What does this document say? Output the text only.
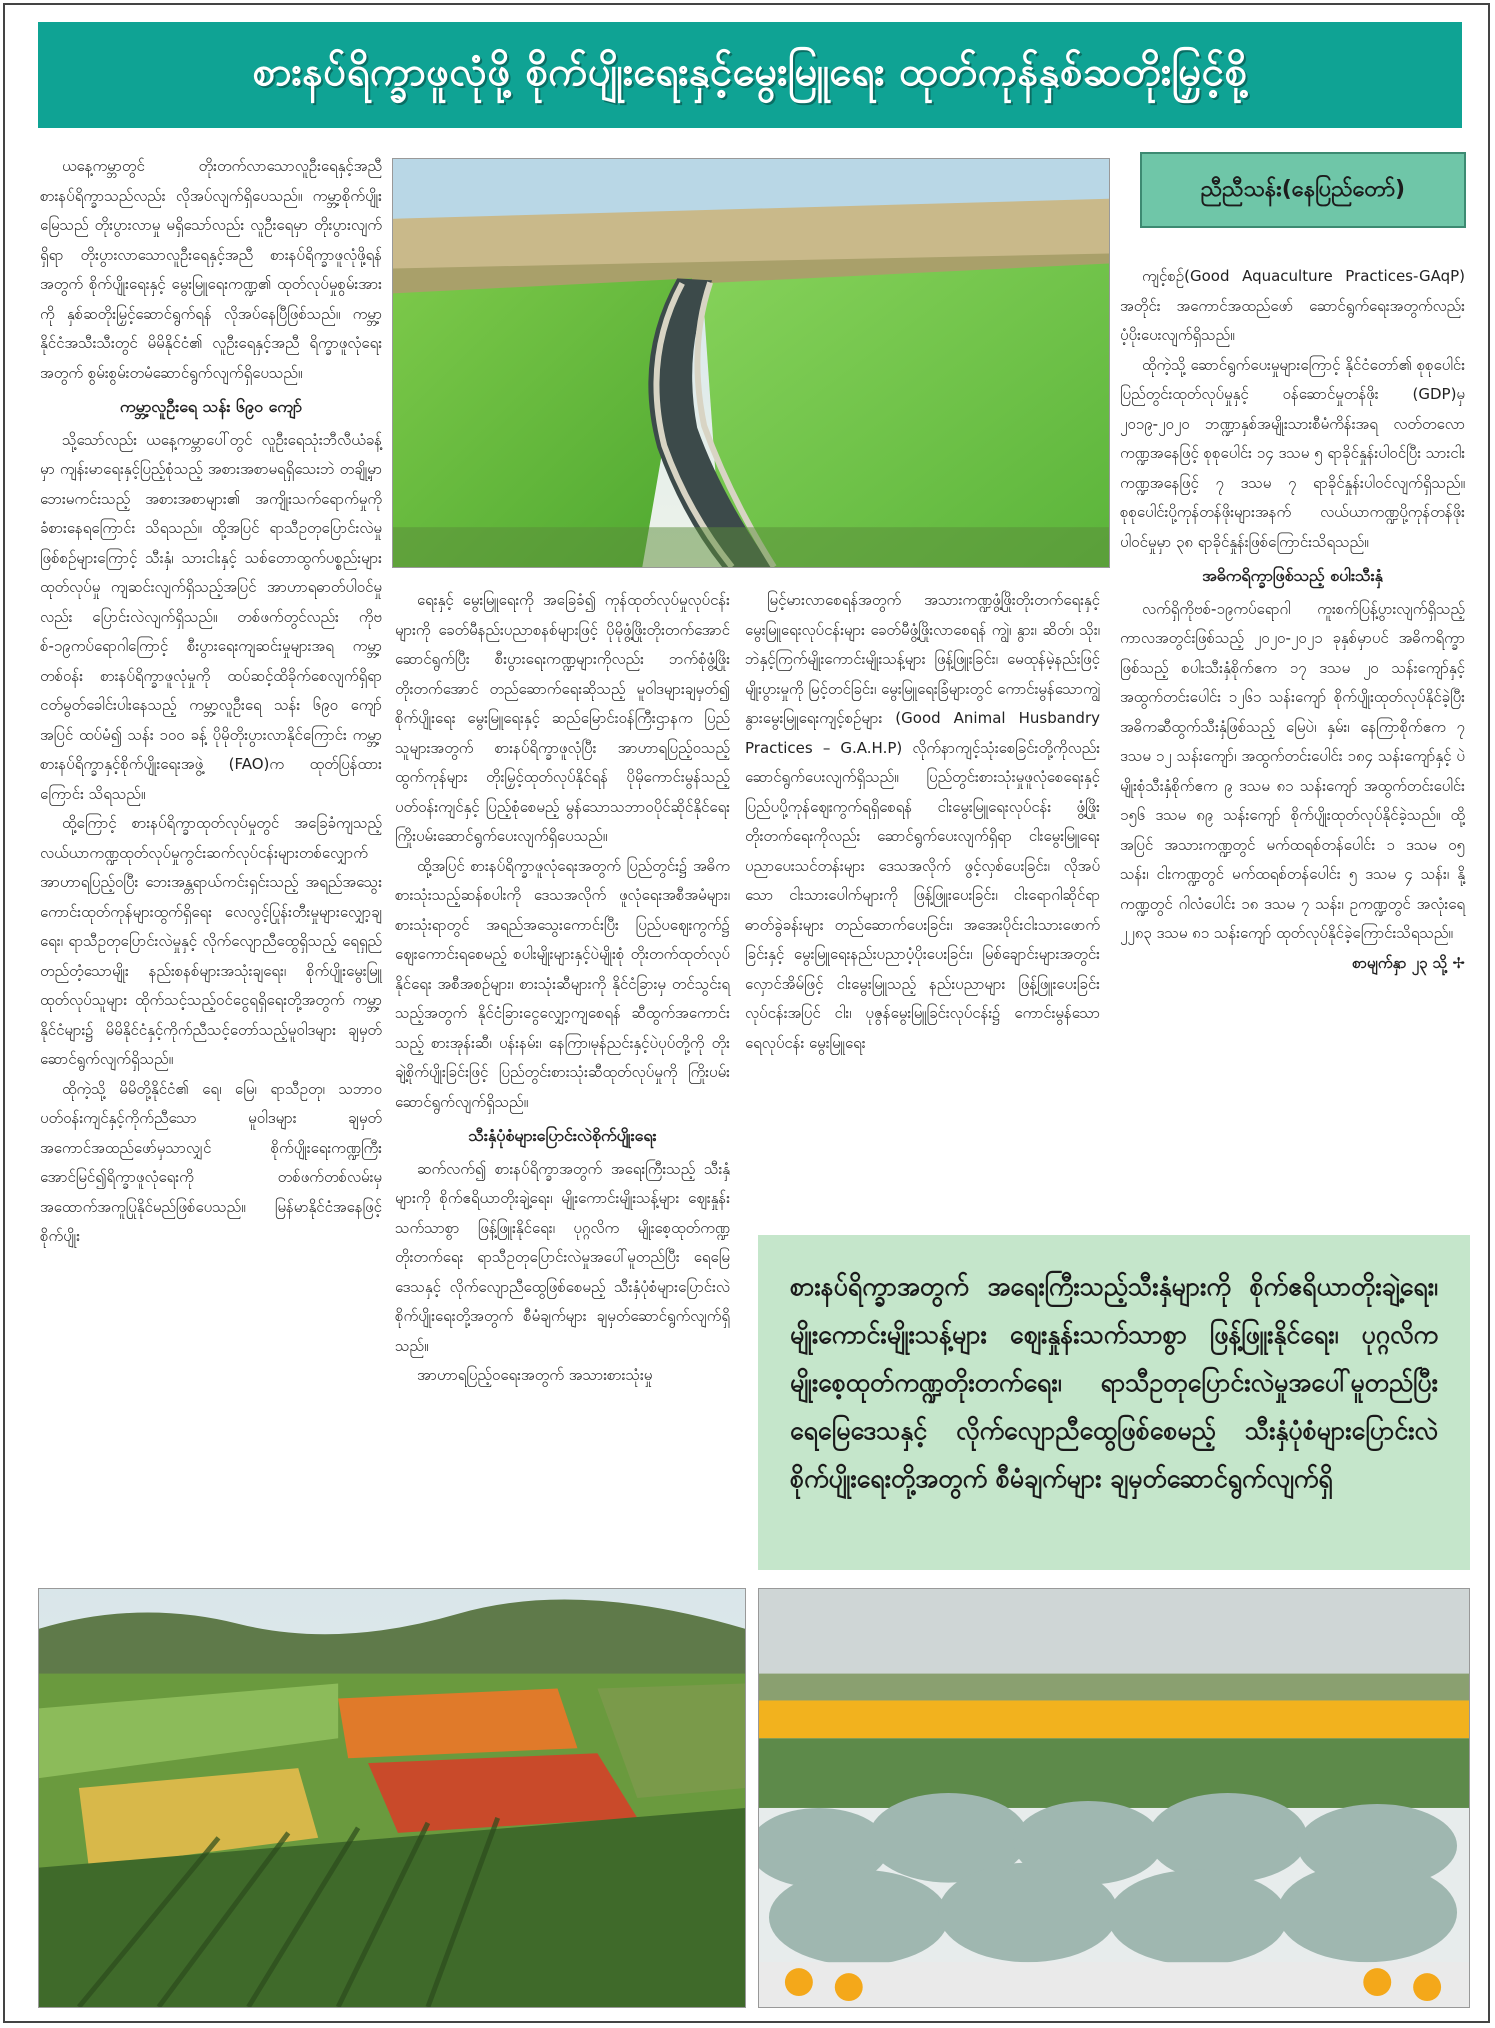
စားနပ်ရိက္ခာဖူလုံဖို့ စိုက်ပျိုးရေးနှင့်မွေးမြူရေး ထုတ်ကုန်နှစ်ဆတိုးမြှင့်စို့
ညီညီသန်း(နေပြည်တော်)

ယနေ့ကမ္ဘာတွင် တိုးတက်လာသောလူဦးရေနှင့်အညီ စားနပ်ရိက္ခာသည်လည်း လိုအပ်လျက်ရှိပေသည်။ ကမ္ဘာ့စိုက်ပျိုးမြေသည် တိုးပွားလာမှု မရှိသော်လည်း လူဦးရေမှာ တိုးပွားလျက်ရှိရာ တိုးပွားလာသောလူဦးရေနှင့်အညီ စားနပ်ရိက္ခာဖူလုံဖို့ရန်အတွက် စိုက်ပျိုးရေးနှင့် မွေးမြူရေးကဏ္ဍ၏ ထုတ်လုပ်မှုစွမ်းအားကို နှစ်ဆတိုးမြှင့်ဆောင်ရွက်ရန် လိုအပ်နေပြီဖြစ်သည်။ ကမ္ဘာ့နိုင်ငံအသီးသီးတွင် မိမိနိုင်ငံ၏ လူဦးရေနှင့်အညီ ရိက္ခာဖူလုံရေးအတွက် စွမ်းစွမ်းတမံဆောင်ရွက်လျက်ရှိပေသည်။

ကမ္ဘာ့လူဦးရေ သန်း ၆၉၀ ကျော်

သို့သော်လည်း ယနေ့ကမ္ဘာပေါ်တွင် လူဦးရေသုံးဘီလီယံခန့်မှာ ကျန်းမာရေးနှင့်ပြည့်စုံသည့် အစားအစာမရရှိသေးဘဲ တချို့မှာ ဘေးမကင်းသည့် အစားအစာများ၏ အကျိုးသက်ရောက်မှုကို ခံစားနေရကြောင်း သိရသည်။ ထို့အပြင် ရာသီဥတုပြောင်းလဲမှုဖြစ်စဉ်များကြောင့် သီးနှံ၊ သားငါးနှင့် သစ်တောထွက်ပစ္စည်းများထုတ်လုပ်မှု ကျဆင်းလျက်ရှိသည့်အပြင် အာဟာရဓာတ်ပါဝင်မှုလည်း ပြောင်းလဲလျက်ရှိသည်။ တစ်ဖက်တွင်လည်း ကိုဗစ်-၁၉ကပ်ရောဂါကြောင့် စီးပွားရေးကျဆင်းမှုများအရ ကမ္ဘာ့တစ်ဝန်း စားနပ်ရိက္ခာဖူလုံမှုကို ထပ်ဆင့်ထိခိုက်စေလျက်ရှိရာ ငတ်မွတ်ခေါင်းပါးနေသည့် ကမ္ဘာ့လူဦးရေ သန်း ၆၉၀ ကျော်အပြင် ထပ်မံ၍ သန်း ၁၀၀ ခန့် ပိုမိုတိုးပွားလာနိုင်ကြောင်း ကမ္ဘာ့စားနပ်ရိက္ခာနှင့်စိုက်ပျိုးရေးအဖွဲ့ (FAO)က ထုတ်ပြန်ထားကြောင်း သိရသည်။

ထို့ကြောင့် စားနပ်ရိက္ခာထုတ်လုပ်မှုတွင် အခြေခံကျသည့် လယ်ယာကဏ္ဍထုတ်လုပ်မှုကွင်းဆက်လုပ်ငန်းများတစ်လျှောက် အာဟာရပြည့်ဝပြီး ဘေးအန္တရာယ်ကင်းရှင်းသည့် အရည်အသွေးကောင်းထုတ်ကုန်များထွက်ရှိရေး လေလွင့်ပြုန်းတီးမှုများလျှော့ချရေး၊ ရာသီဥတုပြောင်းလဲမှုနှင့် လိုက်လျောညီထွေရှိသည့် ရေရှည်တည်တံ့သောမျိုး နည်းစနစ်များအသုံးချရေး၊ စိုက်ပျိုးမွေးမြူထုတ်လုပ်သူများ ထိုက်သင့်သည့်ဝင်ငွေရရှိရေးတို့အတွက် ကမ္ဘာ့နိုင်ငံများ၌ မိမိနိုင်ငံနှင့်ကိုက်ညီသင့်တော်သည့်မူဝါဒများ ချမှတ်ဆောင်ရွက်လျက်ရှိသည်။

ထိုကဲ့သို့ မိမိတို့နိုင်ငံ၏ ရေ၊ မြေ၊ ရာသီဥတု၊ သဘာဝပတ်ဝန်းကျင်နှင့်ကိုက်ညီသော မူဝါဒများ ချမှတ်အကောင်အထည်ဖော်မှသာလျှင် စိုက်ပျိုးရေးကဏ္ဍကြီး အောင်မြင်၍ရိက္ခာဖူလုံရေးကို တစ်ဖက်တစ်လမ်းမှ အထောက်အကူပြုနိုင်မည်ဖြစ်ပေသည်။ မြန်မာနိုင်ငံအနေဖြင့် စိုက်ပျိုး

ရေးနှင့် မွေးမြူရေးကို အခြေခံ၍ ကုန်ထုတ်လုပ်မှုလုပ်ငန်းများကို ခေတ်မီနည်းပညာစနစ်များဖြင့် ပိုမိုဖွံ့ဖြိုးတိုးတက်အောင် ဆောင်ရွက်ပြီး စီးပွားရေးကဏ္ဍများကိုလည်း ဘက်စုံဖွံ့ဖြိုးတိုးတက်အောင် တည်ဆောက်ရေးဆိုသည့် မူဝါဒများချမှတ်၍ စိုက်ပျိုးရေး မွေးမြူရေးနှင့် ဆည်မြောင်းဝန်ကြီးဌာနက ပြည်သူများအတွက် စားနပ်ရိက္ခာဖူလုံပြီး အာဟာရပြည့်ဝသည့် ထွက်ကုန်များ တိုးမြှင့်ထုတ်လုပ်နိုင်ရန် ပိုမိုကောင်းမွန်သည့် ပတ်ဝန်းကျင်နှင့် ပြည့်စုံစေမည့် မွန်သောသဘာဝပိုင်ဆိုင်နိုင်ရေးကြိုးပမ်းဆောင်ရွက်ပေးလျက်ရှိပေသည်။

ထို့အပြင် စားနပ်ရိက္ခာဖူလုံရေးအတွက် ပြည်တွင်း၌ အဓိကစားသုံးသည့်ဆန်စပါးကို ဒေသအလိုက် ဖူလုံရေးအစီအမံများ၊ စားသုံးရာတွင် အရည်အသွေးကောင်းပြီး ပြည်ပဈေးကွက်၌ ဈေးကောင်းရစေမည့် စပါးမျိုးများနှင့်ပဲမျိုးစုံ တိုးတက်ထုတ်လုပ်နိုင်ရေး အစီအစဉ်များ၊ စားသုံးဆီများကို နိုင်ငံခြားမှ တင်သွင်းရသည့်အတွက် နိုင်ငံခြားငွေလျှော့ကျစေရန် ဆီထွက်အကောင်းသည့် စားအုန်းဆီ၊ ပန်းနမ်း၊ နေကြာ၊မုန်ညင်းနှင့်ပဲပုပ်တို့ကို တိုးချဲ့စိုက်ပျိုးခြင်းဖြင့် ပြည်တွင်းစားသုံးဆီထုတ်လုပ်မှုကို ကြိုးပမ်းဆောင်ရွက်လျက်ရှိသည်။

သီးနှံပုံစံများပြောင်းလဲစိုက်ပျိုးရေး

ဆက်လက်၍ စားနပ်ရိက္ခာအတွက် အရေးကြီးသည့် သီးနှံများကို စိုက်ဧရိယာတိုးချဲ့ရေး၊ မျိုးကောင်းမျိုးသန့်များ ဈေးနှုန်းသက်သာစွာ ဖြန့်ဖြူးနိုင်ရေး၊ ပုဂ္ဂလိက မျိုးစေ့ထုတ်ကဏ္ဍတိုးတက်ရေး ရာသီဥတုပြောင်းလဲမှုအပေါ်မူတည်ပြီး ရေမြေဒေသနှင့် လိုက်လျောညီထွေဖြစ်စေမည့် သီးနှံပုံစံများပြောင်းလဲ စိုက်ပျိုးရေးတို့အတွက် စီမံချက်များ ချမှတ်ဆောင်ရွက်လျက်ရှိသည်။

အာဟာရပြည့်ဝရေးအတွက် အသားစားသုံးမှု

မြင့်မားလာစေရန်အတွက် အသားကဏ္ဍဖွံ့ဖြိုးတိုးတက်ရေးနှင့် မွေးမြူရေးလုပ်ငန်းများ ခေတ်မီဖွံ့ဖြိုးလာစေရန် ကျွဲ၊ နွား၊ ဆိတ်၊ သိုး၊ ဘဲနှင့်ကြက်မျိုးကောင်းမျိုးသန့်များ ဖြန့်ဖြူးခြင်း၊ မေထုန်မဲ့နည်းဖြင့် မျိုးပွားမှုကို မြင့်တင်ခြင်း၊ မွေးမြူရေးခြံများတွင် ကောင်းမွန်သောကျွဲနွားမွေးမြူရေးကျင့်စဉ်များ (Good Animal Husbandry Practices – G.A.H.P) လိုက်နာကျင့်သုံးစေခြင်းတို့ကိုလည်း ဆောင်ရွက်ပေးလျက်ရှိသည်။ ပြည်တွင်းစားသုံးမှုဖူလုံစေရေးနှင့် ပြည်ပပို့ကုန်ဈေးကွက်ရရှိစေရန် ငါးမွေးမြူရေးလုပ်ငန်း ဖွံ့ဖြိုးတိုးတက်ရေးကိုလည်း ဆောင်ရွက်ပေးလျက်ရှိရာ ငါးမွေးမြူရေးပညာပေးသင်တန်းများ ဒေသအလိုက် ဖွင့်လှစ်ပေးခြင်း၊ လိုအပ်သော ငါးသားပေါက်များကို ဖြန့်ဖြူးပေးခြင်း၊ ငါးရောဂါဆိုင်ရာ ဓာတ်ခွဲခန်းများ တည်ဆောက်ပေးခြင်း၊ အအေးပိုင်းငါးသားဖောက်ခြင်းနှင့် မွေးမြူရေးနည်းပညာပံ့ပိုးပေးခြင်း၊ မြစ်ချောင်းများအတွင်း လှောင်အိမ်ဖြင့် ငါးမွေးမြူသည့် နည်းပညာများ ဖြန့်ဖြူးပေးခြင်းလုပ်ငန်းအပြင် ငါး၊ ပုဇွန်မွေးမြူခြင်းလုပ်ငန်း၌ ကောင်းမွန်သောရေလုပ်ငန်း မွေးမြူရေး

ကျင့်စဉ်(Good Aquaculture Practices-GAqP) အတိုင်း အကောင်အထည်ဖော် ဆောင်ရွက်ရေးအတွက်လည်း ပံ့ပိုးပေးလျက်ရှိသည်။

ထိုကဲ့သို့ ဆောင်ရွက်ပေးမှုများကြောင့် နိုင်ငံတော်၏ စုစုပေါင်းပြည်တွင်းထုတ်လုပ်မှုနှင့် ဝန်ဆောင်မှုတန်ဖိုး (GDP)မှ ၂၀၁၉-၂၀၂၀ ဘဏ္ဍာနှစ်အမျိုးသားစီမံကိန်းအရ လတ်တလောကဏ္ဍအနေဖြင့် စုစုပေါင်း ၁၄ ဒသမ ၅ ရာခိုင်နှုန်းပါဝင်ပြီး သားငါးကဏ္ဍအနေဖြင့် ၇ ဒသမ ၇ ရာခိုင်နှုန်းပါဝင်လျက်ရှိသည်။ စုစုပေါင်းပို့ကုန်တန်ဖိုးများအနက် လယ်ယာကဏ္ဍပို့ကုန်တန်ဖိုးပါဝင်မှုမှာ ၃၈ ရာခိုင်နှုန်းဖြစ်ကြောင်းသိရသည်။

အဓိကရိက္ခာဖြစ်သည့် စပါးသီးနှံ

လက်ရှိကိုဗစ်-၁၉ကပ်ရောဂါ ကူးစက်ပြန့်ပွားလျက်ရှိသည့်ကာလအတွင်းဖြစ်သည့် ၂၀၂၀-၂၀၂၁ ခုနှစ်မှာပင် အဓိကရိက္ခာဖြစ်သည့် စပါးသီးနှံစိုက်ဧက ၁၇ ဒသမ ၂၀ သန်းကျော်နှင့် အထွက်တင်းပေါင်း ၁၂၆၁ သန်းကျော် စိုက်ပျိုးထုတ်လုပ်နိုင်ခဲ့ပြီး အဓိကဆီထွက်သီးနှံဖြစ်သည့် မြေပဲ၊ နှမ်း၊ နေကြာစိုက်ဧက ၇ ဒသမ ၁၂ သန်းကျော်၊ အထွက်တင်းပေါင်း ၁၈၄ သန်းကျော်နှင့် ပဲမျိုးစုံသီးနှံစိုက်ဧက ၉ ဒသမ ၈၁ သန်းကျော် အထွက်တင်းပေါင်း ၁၅၆ ဒသမ ၈၉ သန်းကျော် စိုက်ပျိုးထုတ်လုပ်နိုင်ခဲ့သည်။ ထို့အပြင် အသားကဏ္ဍတွင် မက်ထရစ်တန်ပေါင်း ၁ ဒသမ ၀၅ သန်း၊ ငါးကဏ္ဍတွင် မက်ထရစ်တန်ပေါင်း ၅ ဒသမ ၄ သန်း၊ နို့ကဏ္ဍတွင် ဂါလံပေါင်း ၁၈ ဒသမ ၇ သန်း၊ ဥကဏ္ဍတွင် အလုံးရေ ၂၂၈၃ ဒသမ ၈၁ သန်းကျော် ထုတ်လုပ်နိုင်ခဲ့ကြောင်းသိရသည်။

စာမျက်နှာ ၂၃ သို့ ✢

စားနပ်ရိက္ခာအတွက် အရေးကြီးသည့်သီးနှံများကို စိုက်ဧရိယာတိုးချဲ့ရေး၊ မျိုးကောင်းမျိုးသန့်များ ဈေးနှုန်းသက်သာစွာ ဖြန့်ဖြူးနိုင်ရေး၊ ပုဂ္ဂလိက မျိုးစေ့ထုတ်ကဏ္ဍတိုးတက်ရေး၊ ရာသီဥတုပြောင်းလဲမှုအပေါ်မူတည်ပြီး ရေမြေဒေသနှင့် လိုက်လျောညီထွေဖြစ်စေမည့် သီးနှံပုံစံများပြောင်းလဲ စိုက်ပျိုးရေးတို့အတွက် စီမံချက်များ ချမှတ်ဆောင်ရွက်လျက်ရှိ
